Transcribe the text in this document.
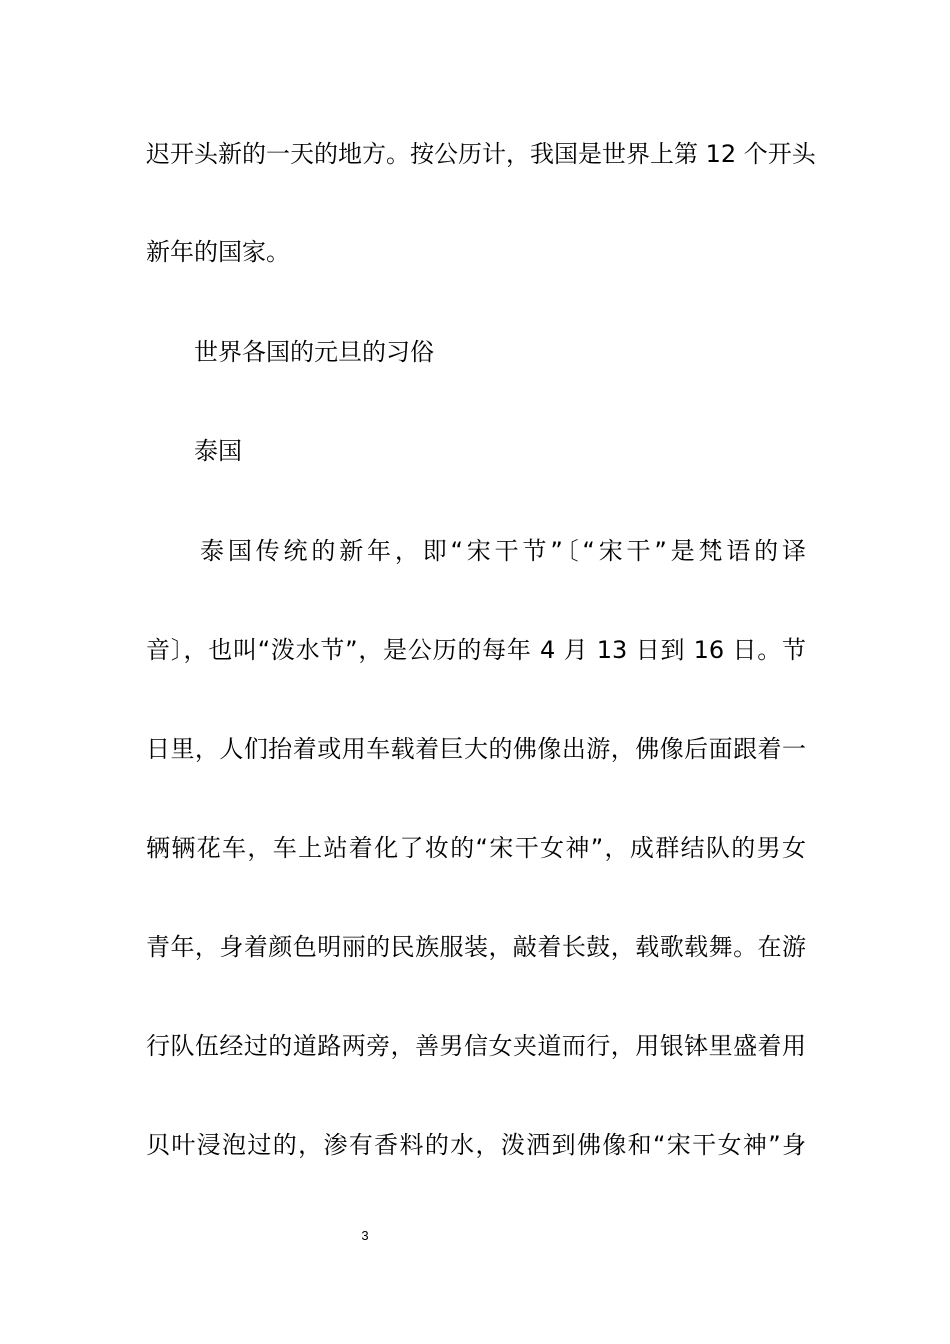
迟开头新的一天的地方。按公历计，我国是世界上第 12 个开头
新年的国家。
世界各国的元旦的习俗
泰国
泰国传统的新年，即“宋干节”〔“宋干”是梵语的译
音〕，也叫“泼水节”，是公历的每年 4 月 13 日到 16 日。节
日里，人们抬着或用车载着巨大的佛像出游，佛像后面跟着一
辆辆花车，车上站着化了妆的“宋干女神”，成群结队的男女
青年，身着颜色明丽的民族服装，敲着长鼓，载歌载舞。在游
行队伍经过的道路两旁，善男信女夹道而行，用银钵里盛着用
贝叶浸泡过的，渗有香料的水，泼洒到佛像和“宋干女神”身
3
